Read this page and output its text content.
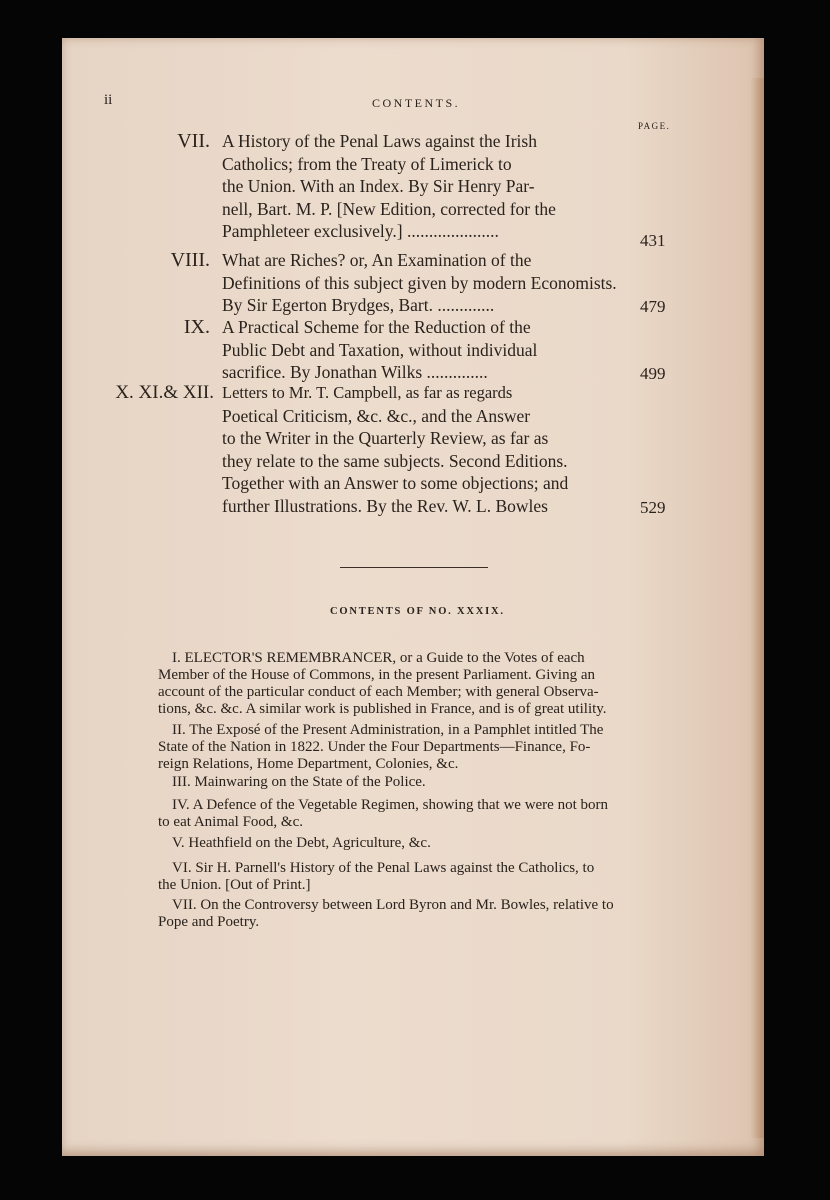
ii	CONTENTS.
PAGE.
VII. A History of the Penal Laws against the Irish
Catholics; from the Treaty of Limerick to
the Union. With an Index. By Sir Henry Par-
nell, Bart. M. P. [New Edition, corrected for the
Pamphleteer exclusively.] .....................	431
VIII. What are Riches? or, An Examination of the
Definitions of this subject given by modern Economists.
By Sir Egerton Brydges, Bart. .............	479
IX. A Practical Scheme for the Reduction of the
Public Debt and Taxation, without individual
sacrifice. By Jonathan Wilks ..............	499
X. XI.& XII. Letters to Mr. T. Campbell, as far as regards
Poetical Criticism, &c. &c., and the Answer
to the Writer in the Quarterly Review, as far as
they relate to the same subjects. Second Editions.
Together with an Answer to some objections; and
further Illustrations. By the Rev. W. L. Bowles	529
CONTENTS OF NO. XXXIX.
I. ELECTOR'S REMEMBRANCER, or a Guide to the Votes of each
Member of the House of Commons, in the present Parliament. Giving an
account of the particular conduct of each Member; with general Observa-
tions, &c. &c. A similar work is published in France, and is of great utility.
II. The Exposé of the Present Administration, in a Pamphlet intitled The
State of the Nation in 1822. Under the Four Departments—Finance, Fo-
reign Relations, Home Department, Colonies, &c.
III. Mainwaring on the State of the Police.
IV. A Defence of the Vegetable Regimen, showing that we were not born
to eat Animal Food, &c.
V. Heathfield on the Debt, Agriculture, &c.
VI. Sir H. Parnell's History of the Penal Laws against the Catholics, to
the Union. [Out of Print.]
VII. On the Controversy between Lord Byron and Mr. Bowles, relative to
Pope and Poetry.
